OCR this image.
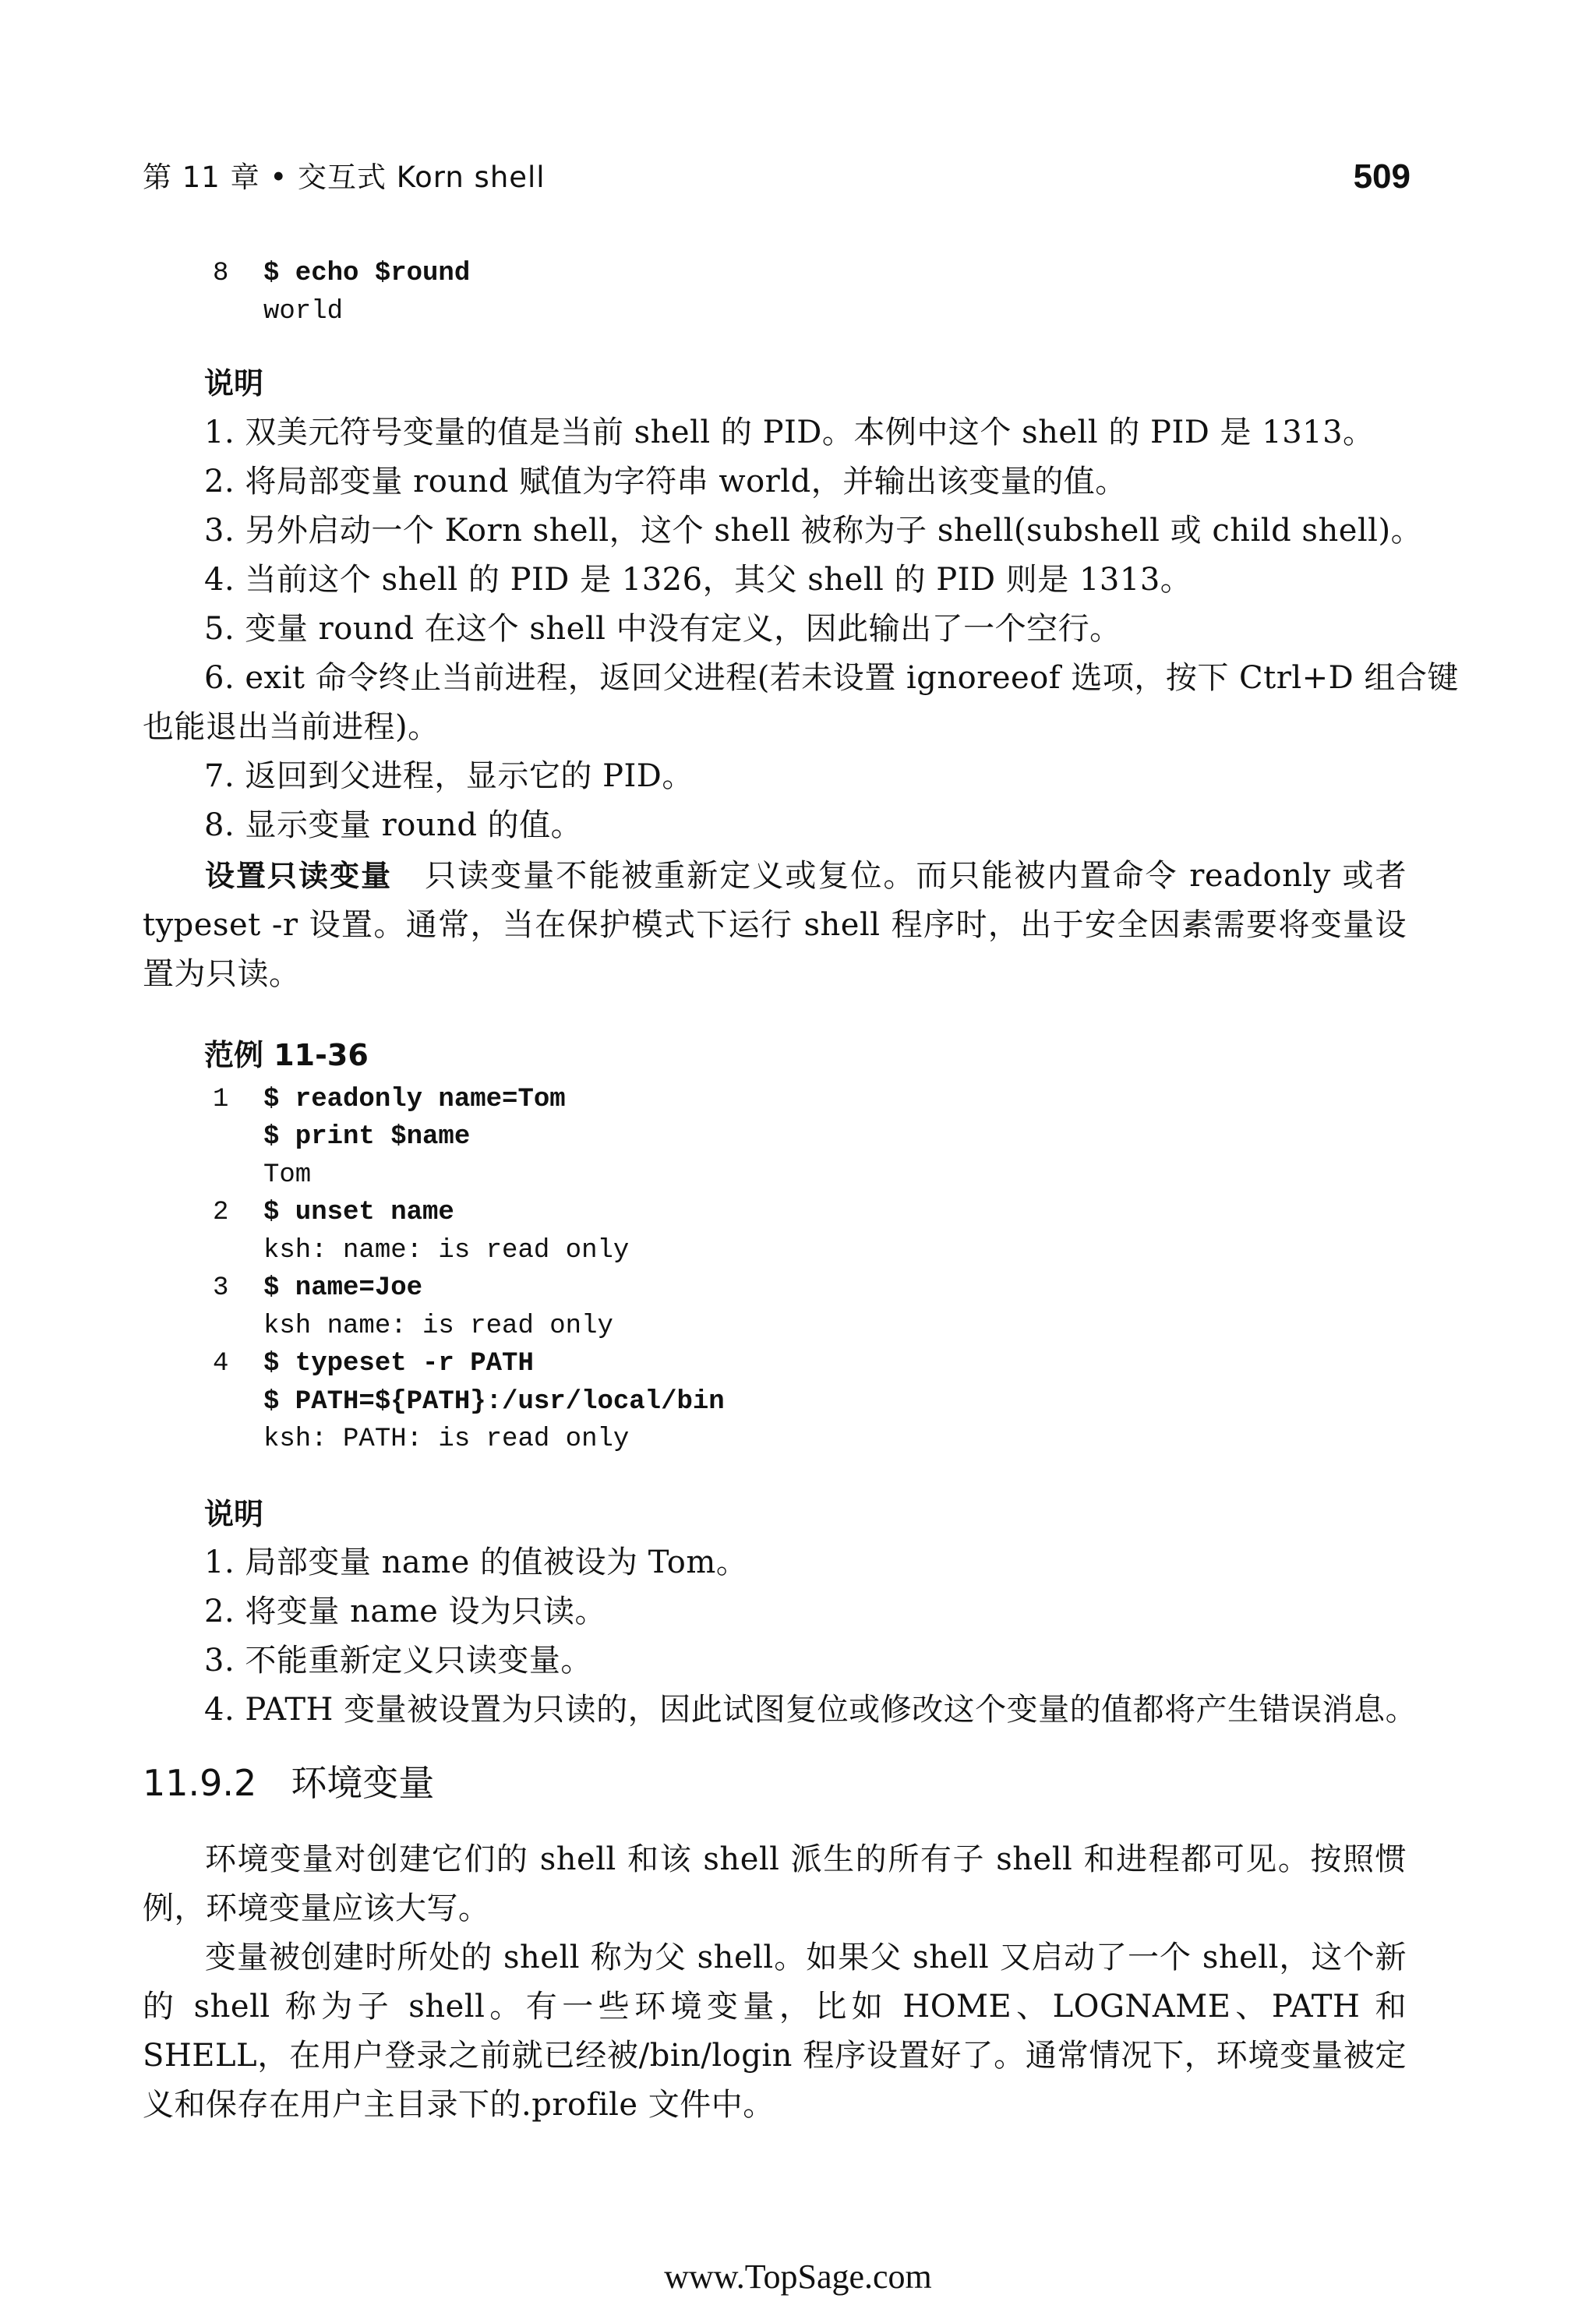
第 11 章 • 交互式 Korn shell	509
8 $ echo $round
world
说明
1. 双美元符号变量的值是当前 shell 的 PID。本例中这个 shell 的 PID 是 1313。
2. 将局部变量 round 赋值为字符串 world，并输出该变量的值。
3. 另外启动一个 Korn shell，这个 shell 被称为子 shell(subshell 或 child shell)。
4. 当前这个 shell 的 PID 是 1326，其父 shell 的 PID 则是 1313。
5. 变量 round 在这个 shell 中没有定义，因此输出了一个空行。
6. exit 命令终止当前进程，返回父进程(若未设置 ignoreeof 选项，按下 Ctrl+D 组合键
也能退出当前进程)。
7. 返回到父进程，显示它的 PID。
8. 显示变量 round 的值。
设置只读变量　 只读变量不能被重新定义或复位。而只能被内置命令 readonly 或者 typeset -r 设置。通常，当在保护模式下运行 shell 程序时，出于安全因素需要将变量设置为只读。
范例 11-36
1 $ readonly name=Tom
$ print $name
Tom
2 $ unset name
ksh: name: is read only
3 $ name=Joe
ksh name: is read only
4 $ typeset -r PATH
$ PATH=${PATH}:/usr/local/bin
ksh: PATH: is read only
说明
1. 局部变量 name 的值被设为 Tom。
2. 将变量 name 设为只读。
3. 不能重新定义只读变量。
4. PATH 变量被设置为只读的，因此试图复位或修改这个变量的值都将产生错误消息。
11.9.2 环境变量
环境变量对创建它们的 shell 和该 shell 派生的所有子 shell 和进程都可见。按照惯例，环境变量应该大写。
变量被创建时所处的 shell 称为父 shell。如果父 shell 又启动了一个 shell，这个新的 shell 称为子 shell。有一些环境变量，比如 HOME、LOGNAME、PATH 和 SHELL，在用户登录之前就已经被/bin/login 程序设置好了。通常情况下，环境变量被定义和保存在用户主目录下的.profile 文件中。
www.TopSage.com
